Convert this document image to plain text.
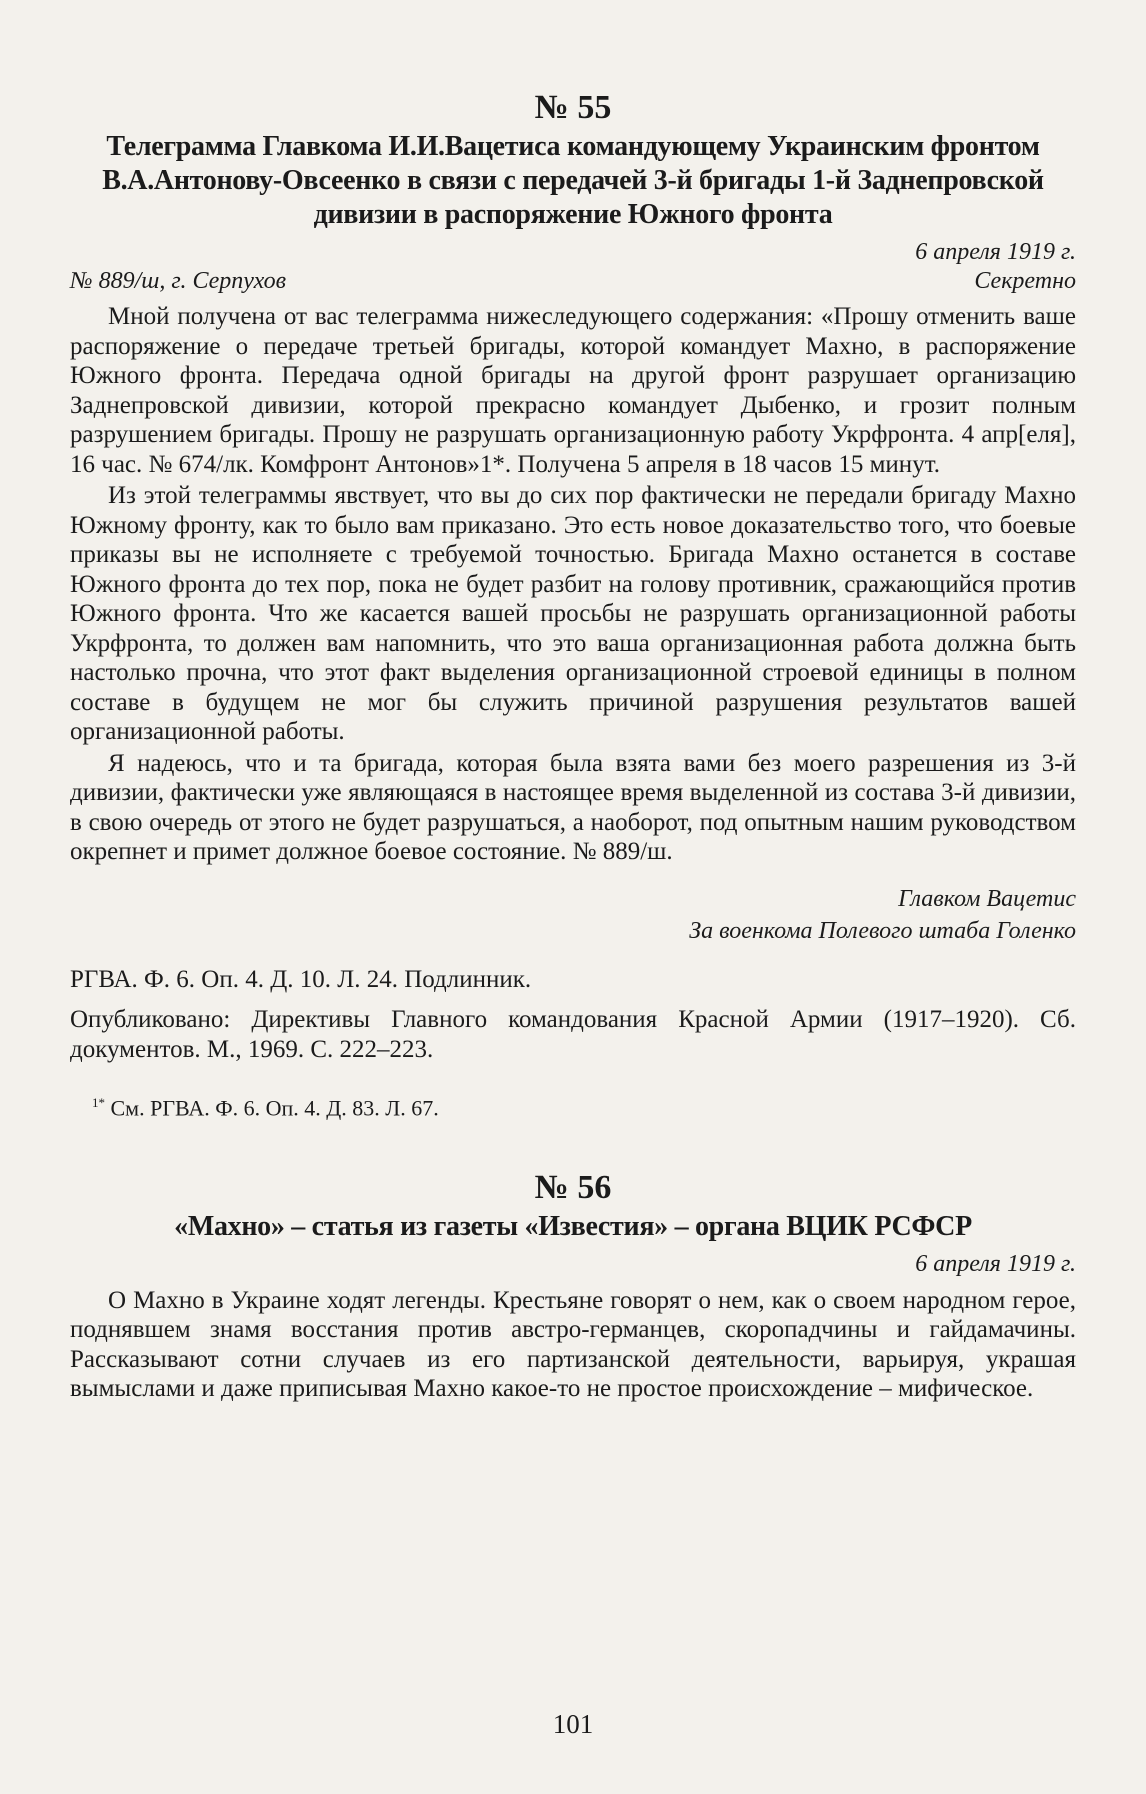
№ 55
Телеграмма Главкома И.И.Вацетиса командующему Украинским фронтом В.А.Антонову-Овсеенко в связи с передачей 3-й бригады 1-й Заднепровской дивизии в распоряжение Южного фронта
6 апреля 1919 г.
№ 889/ш, г. Серпухов	Секретно

Мной получена от вас телеграмма нижеследующего содержания: «Прошу отменить ваше распоряжение о передаче третьей бригады, которой командует Махно, в распоряжение Южного фронта. Передача одной бригады на другой фронт разрушает организацию Заднепровской дивизии, которой прекрасно командует Дыбенко, и грозит полным разрушением бригады. Прошу не разрушать организационную работу Укрфронта. 4 апр[еля], 16 час. № 674/лк. Комфронт Антонов»1*. Получена 5 апреля в 18 часов 15 минут.

Из этой телеграммы явствует, что вы до сих пор фактически не передали бригаду Махно Южному фронту, как то было вам приказано. Это есть новое доказательство того, что боевые приказы вы не исполняете с требуемой точностью. Бригада Махно останется в составе Южного фронта до тех пор, пока не будет разбит на голову противник, сражающийся против Южного фронта. Что же касается вашей просьбы не разрушать организационной работы Укрфронта, то должен вам напомнить, что это ваша организационная работа должна быть настолько прочна, что этот факт выделения организационной строевой единицы в полном составе в будущем не мог бы служить причиной разрушения результатов вашей организационной работы.

Я надеюсь, что и та бригада, которая была взята вами без моего разрешения из 3-й дивизии, фактически уже являющаяся в настоящее время выделенной из состава 3-й дивизии, в свою очередь от этого не будет разрушаться, а наоборот, под опытным нашим руководством окрепнет и примет должное боевое состояние. № 889/ш.

Главком Вацетис

За военкома Полевого штаба Голенко

РГВА. Ф. 6. Оп. 4. Д. 10. Л. 24. Подлинник.

Опубликовано: Директивы Главного командования Красной Армии (1917–1920). Сб. документов. М., 1969. С. 222–223.

$^{1*}$ См. РГВА. Ф. 6. Оп. 4. Д. 83. Л. 67.

№ 56
«Махно» – статья из газеты «Известия» – органа ВЦИК РСФСР
6 апреля 1919 г.

О Махно в Украине ходят легенды. Крестьяне говорят о нем, как о своем народном герое, поднявшем знамя восстания против австро-германцев, скоропадчины и гайдамачины. Рассказывают сотни случаев из его партизанской деятельности, варьируя, украшая вымыслами и даже приписывая Махно какое-то не простое происхождение – мифическое.

101
